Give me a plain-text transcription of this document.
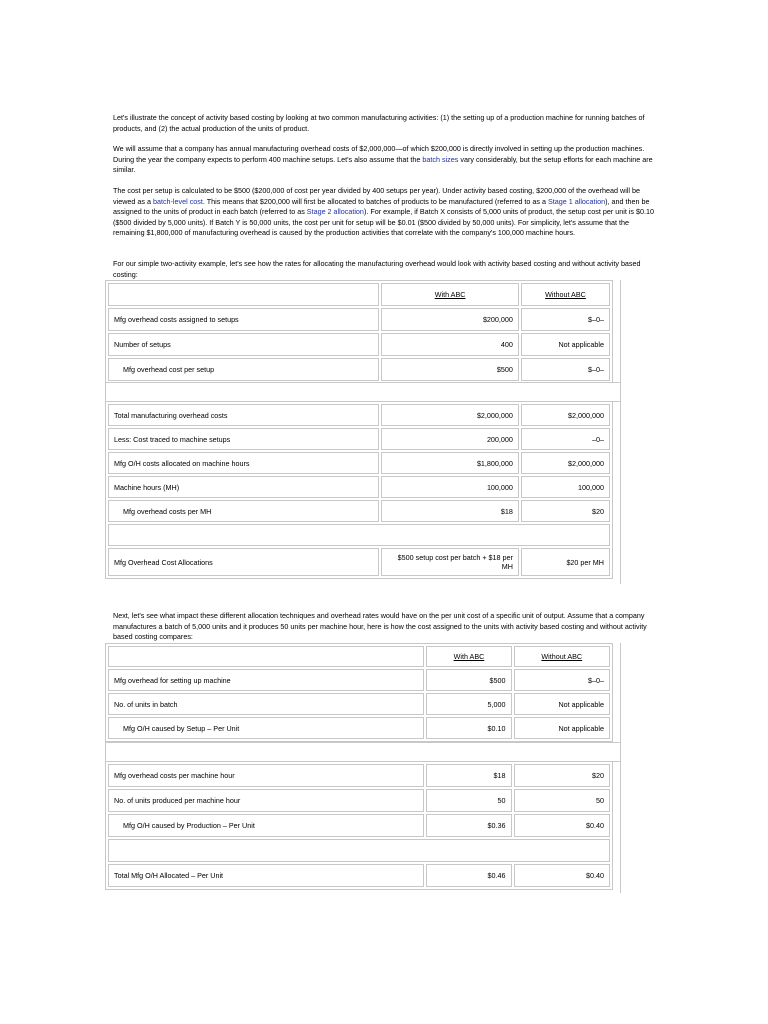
Let's illustrate the concept of activity based costing by looking at two common manufacturing activities: (1) the setting up of a production machine for running batches of products, and (2) the actual production of the units of product.

We will assume that a company has annual manufacturing overhead costs of $2,000,000—of which $200,000 is directly involved in setting up the production machines. During the year the company expects to perform 400 machine setups. Let's also assume that the batch sizes vary considerably, but the setup efforts for each machine are similar.

The cost per setup is calculated to be $500 ($200,000 of cost per year divided by 400 setups per year). Under activity based costing, $200,000 of the overhead will be viewed as a batch-level cost. This means that $200,000 will first be allocated to batches of products to be manufactured (referred to as a Stage 1 allocation), and then be assigned to the units of product in each batch (referred to as Stage 2 allocation). For example, if Batch X consists of 5,000 units of product, the setup cost per unit is $0.10 ($500 divided by 5,000 units). If Batch Y is 50,000 units, the cost per unit for setup will be $0.01 ($500 divided by 50,000 units). For simplicity, let's assume that the remaining $1,800,000 of manufacturing overhead is caused by the production activities that correlate with the company's 100,000 machine hours.

For our simple two-activity example, let's see how the rates for allocating the manufacturing overhead would look with activity based costing and without activity based costing:

	With ABC	Without ABC
Mfg overhead costs assigned to setups	$200,000	$–0–
Number of setups	400	Not applicable
Mfg overhead cost per setup	$500	$–0–
Total manufacturing overhead costs	$2,000,000	$2,000,000
Less: Cost traced to machine setups	200,000	–0–
Mfg O/H costs allocated on machine hours	$1,800,000	$2,000,000
Machine hours (MH)	100,000	100,000
Mfg overhead costs per MH	$18	$20

Mfg Overhead Cost Allocations	$500 setup cost per batch + $18 per MH	$20 per MH

Next, let's see what impact these different allocation techniques and overhead rates would have on the per unit cost of a specific unit of output. Assume that a company manufactures a batch of 5,000 units and it produces 50 units per machine hour, here is how the cost assigned to the units with activity based costing and without activity based costing compares:

	With ABC	Without ABC
Mfg overhead for setting up machine	$500	$–0–
No. of units in batch	5,000	Not applicable
Mfg O/H caused by Setup – Per Unit	$0.10	Not applicable
Mfg overhead costs per machine hour	$18	$20
No. of units produced per machine hour	50	50
Mfg O/H caused by Production – Per Unit	$0.36	$0.40

Total Mfg O/H Allocated – Per Unit	$0.46	$0.40
